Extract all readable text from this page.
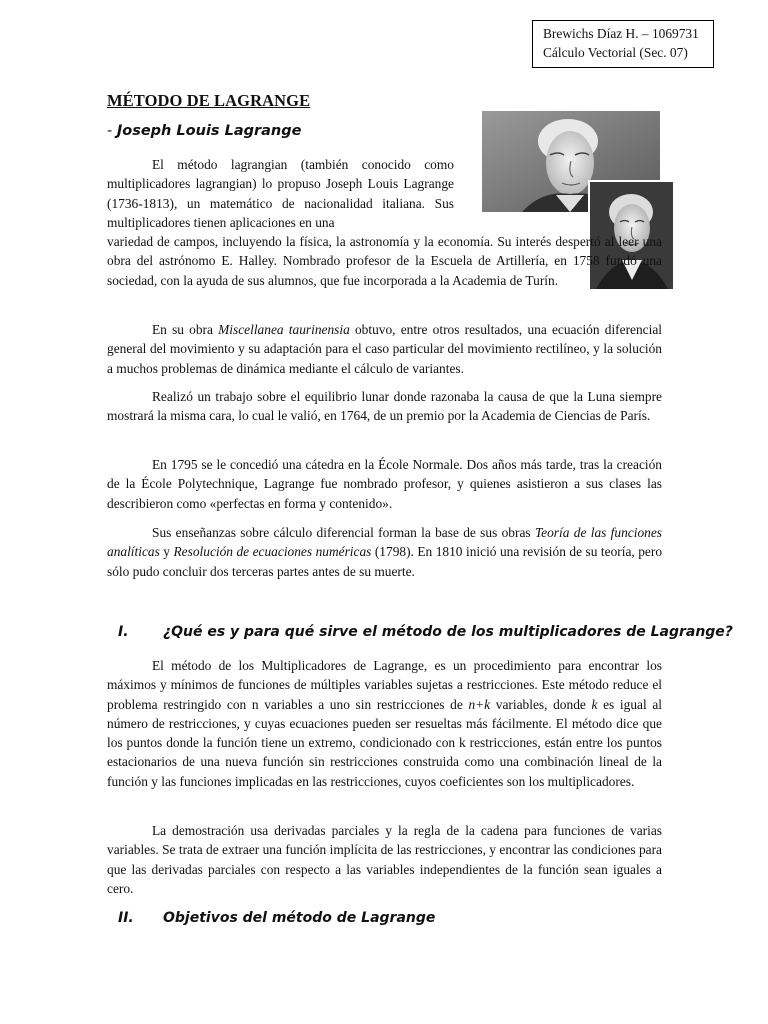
Brewichs Díaz H. – 1069731
Cálculo Vectorial (Sec. 07)
MÉTODO DE LAGRANGE

- Joseph Louis Lagrange

El método lagrangian (también conocido como multiplicadores lagrangian) lo propuso Joseph Louis Lagrange (1736-1813), un matemático de nacionalidad italiana. Sus multiplicadores tienen aplicaciones en una

variedad de campos, incluyendo la física, la astronomía y la economía. Su interés despertó al leer una obra del astrónomo E. Halley. Nombrado profesor de la Escuela de Artillería, en 1758 fundó una sociedad, con la ayuda de sus alumnos, que fue incorporada a la Academia de Turín.

En su obra Miscellanea taurinensia obtuvo, entre otros resultados, una ecuación diferencial general del movimiento y su adaptación para el caso particular del movimiento rectilíneo, y la solución a muchos problemas de dinámica mediante el cálculo de variantes.

Realizó un trabajo sobre el equilibrio lunar donde razonaba la causa de que la Luna siempre mostrará la misma cara, lo cual le valió, en 1764, de un premio por la Academia de Ciencias de París.

En 1795 se le concedió una cátedra en la École Normale. Dos años más tarde, tras la creación de la École Polytechnique, Lagrange fue nombrado profesor, y quienes asistieron a sus clases las describieron como «perfectas en forma y contenido».

Sus enseñanzas sobre cálculo diferencial forman la base de sus obras Teoría de las funciones analíticas y Resolución de ecuaciones numéricas (1798). En 1810 inició una revisión de su teoría, pero sólo pudo concluir dos terceras partes antes de su muerte.

I. ¿Qué es y para qué sirve el método de los multiplicadores de Lagrange?

El método de los Multiplicadores de Lagrange, es un procedimiento para encontrar los máximos y mínimos de funciones de múltiples variables sujetas a restricciones. Este método reduce el problema restringido con n variables a uno sin restricciones de n+k variables, donde k es igual al número de restricciones, y cuyas ecuaciones pueden ser resueltas más fácilmente. El método dice que los puntos donde la función tiene un extremo, condicionado con k restricciones, están entre los puntos estacionarios de una nueva función sin restricciones construida como una combinación lineal de la función y las funciones implicadas en las restricciones, cuyos coeficientes son los multiplicadores.

La demostración usa derivadas parciales y la regla de la cadena para funciones de varias variables. Se trata de extraer una función implícita de las restricciones, y encontrar las condiciones para que las derivadas parciales con respecto a las variables independientes de la función sean iguales a cero.

II. Objetivos del método de Lagrange
